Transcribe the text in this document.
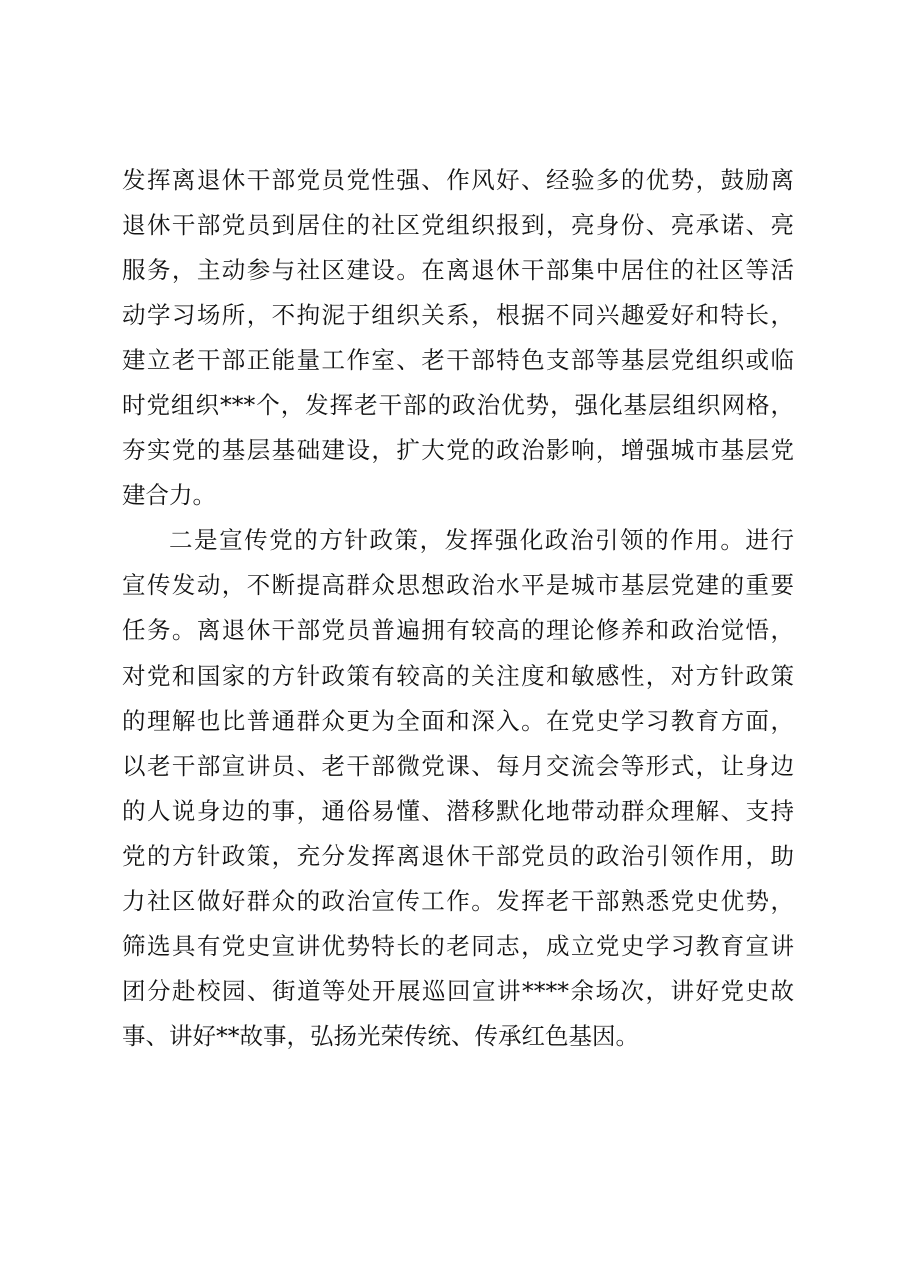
发挥离退休干部党员党性强、作风好、经验多的优势，鼓励离
退休干部党员到居住的社区党组织报到，亮身份、亮承诺、亮
服务，主动参与社区建设。在离退休干部集中居住的社区等活
动学习场所，不拘泥于组织关系，根据不同兴趣爱好和特长，
建立老干部正能量工作室、老干部特色支部等基层党组织或临
时党组织***个，发挥老干部的政治优势，强化基层组织网格，
夯实党的基层基础建设，扩大党的政治影响，增强城市基层党
建合力。

二是宣传党的方针政策，发挥强化政治引领的作用。进行
宣传发动，不断提高群众思想政治水平是城市基层党建的重要
任务。离退休干部党员普遍拥有较高的理论修养和政治觉悟，
对党和国家的方针政策有较高的关注度和敏感性，对方针政策
的理解也比普通群众更为全面和深入。在党史学习教育方面，
以老干部宣讲员、老干部微党课、每月交流会等形式，让身边
的人说身边的事，通俗易懂、潜移默化地带动群众理解、支持
党的方针政策，充分发挥离退休干部党员的政治引领作用，助
力社区做好群众的政治宣传工作。发挥老干部熟悉党史优势，
筛选具有党史宣讲优势特长的老同志，成立党史学习教育宣讲
团分赴校园、街道等处开展巡回宣讲****余场次，讲好党史故
事、讲好**故事，弘扬光荣传统、传承红色基因。
